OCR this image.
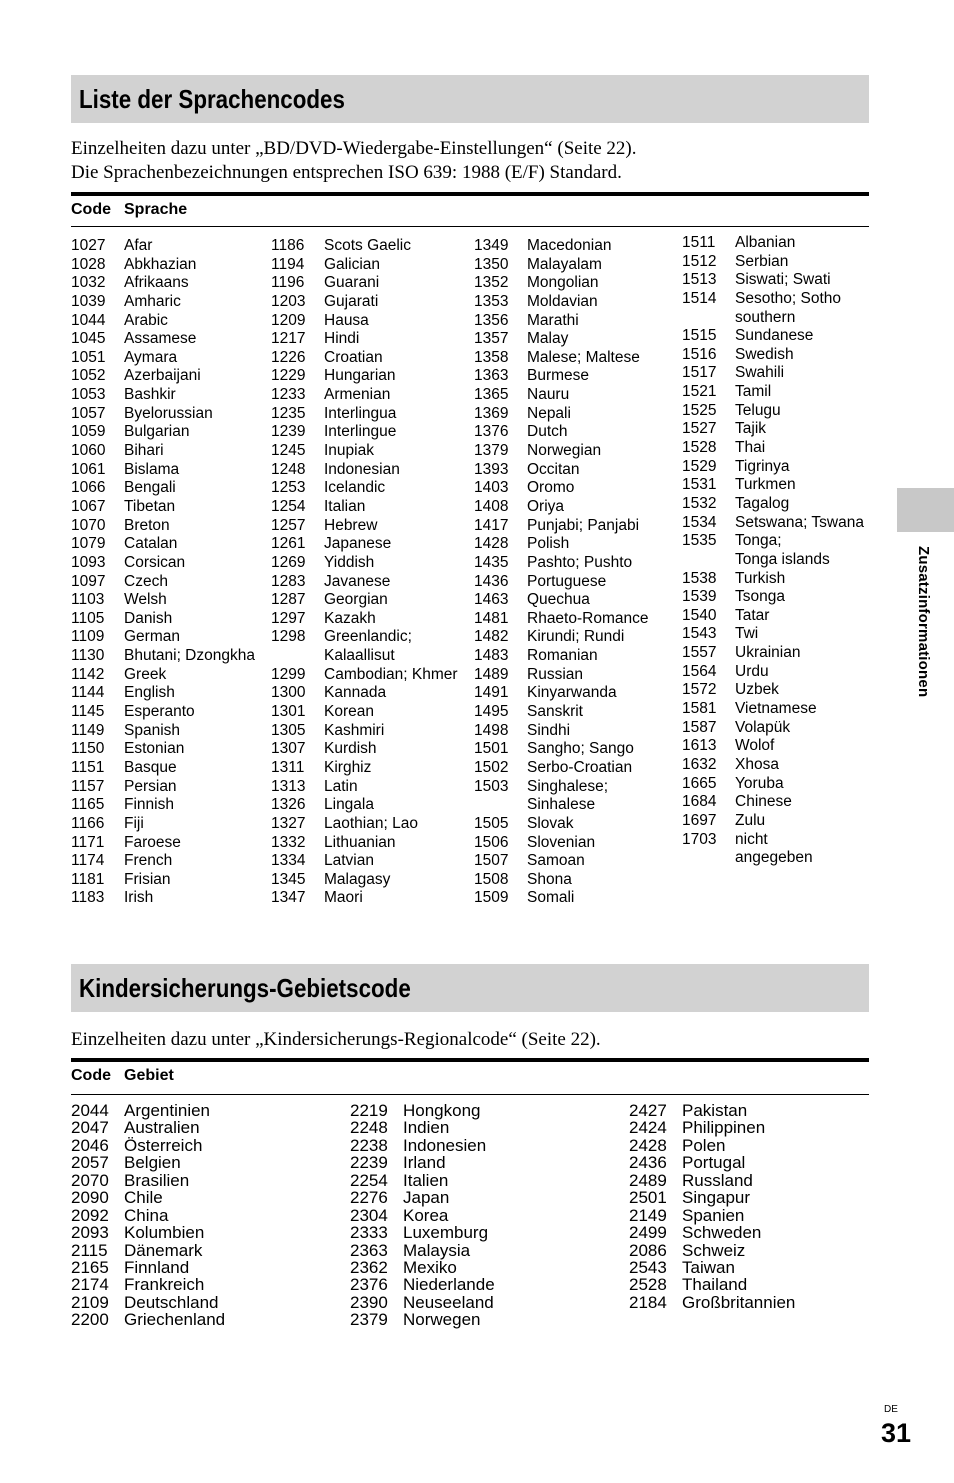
Liste der Sprachencodes
Einzelheiten dazu unter „BD/DVD-Wiedergabe-Einstellungen“ (Seite 22).
Die Sprachenbezeichnungen entsprechen ISO 639: 1988 (E/F) Standard.
Code Sprache
1027 Afar
1028 Abkhazian
1032 Afrikaans
1039 Amharic
1044 Arabic
1045 Assamese
1051 Aymara
1052 Azerbaijani
1053 Bashkir
1057 Byelorussian
1059 Bulgarian
1060 Bihari
1061 Bislama
1066 Bengali
1067 Tibetan
1070 Breton
1079 Catalan
1093 Corsican
1097 Czech
1103 Welsh
1105 Danish
1109 German
1130 Bhutani; Dzongkha
1142 Greek
1144 English
1145 Esperanto
1149 Spanish
1150 Estonian
1151 Basque
1157 Persian
1165 Finnish
1166 Fiji
1171 Faroese
1174 French
1181 Frisian
1183 Irish
1186 Scots Gaelic
1194 Galician
1196 Guarani
1203 Gujarati
1209 Hausa
1217 Hindi
1226 Croatian
1229 Hungarian
1233 Armenian
1235 Interlingua
1239 Interlingue
1245 Inupiak
1248 Indonesian
1253 Icelandic
1254 Italian
1257 Hebrew
1261 Japanese
1269 Yiddish
1283 Javanese
1287 Georgian
1297 Kazakh
1298 Greenlandic;
Kalaallisut
1299 Cambodian; Khmer
1300 Kannada
1301 Korean
1305 Kashmiri
1307 Kurdish
1311 Kirghiz
1313 Latin
1326 Lingala
1327 Laothian; Lao
1332 Lithuanian
1334 Latvian
1345 Malagasy
1347 Maori
1349 Macedonian
1350 Malayalam
1352 Mongolian
1353 Moldavian
1356 Marathi
1357 Malay
1358 Malese; Maltese
1363 Burmese
1365 Nauru
1369 Nepali
1376 Dutch
1379 Norwegian
1393 Occitan
1403 Oromo
1408 Oriya
1417 Punjabi; Panjabi
1428 Polish
1435 Pashto; Pushto
1436 Portuguese
1463 Quechua
1481 Rhaeto-Romance
1482 Kirundi; Rundi
1483 Romanian
1489 Russian
1491 Kinyarwanda
1495 Sanskrit
1498 Sindhi
1501 Sangho; Sango
1502 Serbo-Croatian
1503 Singhalese;
Sinhalese
1505 Slovak
1506 Slovenian
1507 Samoan
1508 Shona
1509 Somali
1511 Albanian
1512 Serbian
1513 Siswati; Swati
1514 Sesotho; Sotho
southern
1515 Sundanese
1516 Swedish
1517 Swahili
1521 Tamil
1525 Telugu
1527 Tajik
1528 Thai
1529 Tigrinya
1531 Turkmen
1532 Tagalog
1534 Setswana; Tswana
1535 Tonga;
Tonga islands
1538 Turkish
1539 Tsonga
1540 Tatar
1543 Twi
1557 Ukrainian
1564 Urdu
1572 Uzbek
1581 Vietnamese
1587 Volapük
1613 Wolof
1632 Xhosa
1665 Yoruba
1684 Chinese
1697 Zulu
1703 nicht
angegeben
Kindersicherungs-Gebietscode
Einzelheiten dazu unter „Kindersicherungs-Regionalcode“ (Seite 22).
Code Gebiet
2044 Argentinien
2047 Australien
2046 Österreich
2057 Belgien
2070 Brasilien
2090 Chile
2092 China
2093 Kolumbien
2115 Dänemark
2165 Finnland
2174 Frankreich
2109 Deutschland
2200 Griechenland
2219 Hongkong
2248 Indien
2238 Indonesien
2239 Irland
2254 Italien
2276 Japan
2304 Korea
2333 Luxemburg
2363 Malaysia
2362 Mexiko
2376 Niederlande
2390 Neuseeland
2379 Norwegen
2427 Pakistan
2424 Philippinen
2428 Polen
2436 Portugal
2489 Russland
2501 Singapur
2149 Spanien
2499 Schweden
2086 Schweiz
2543 Taiwan
2528 Thailand
2184 Großbritannien
Zusatzinformationen
DE
31
